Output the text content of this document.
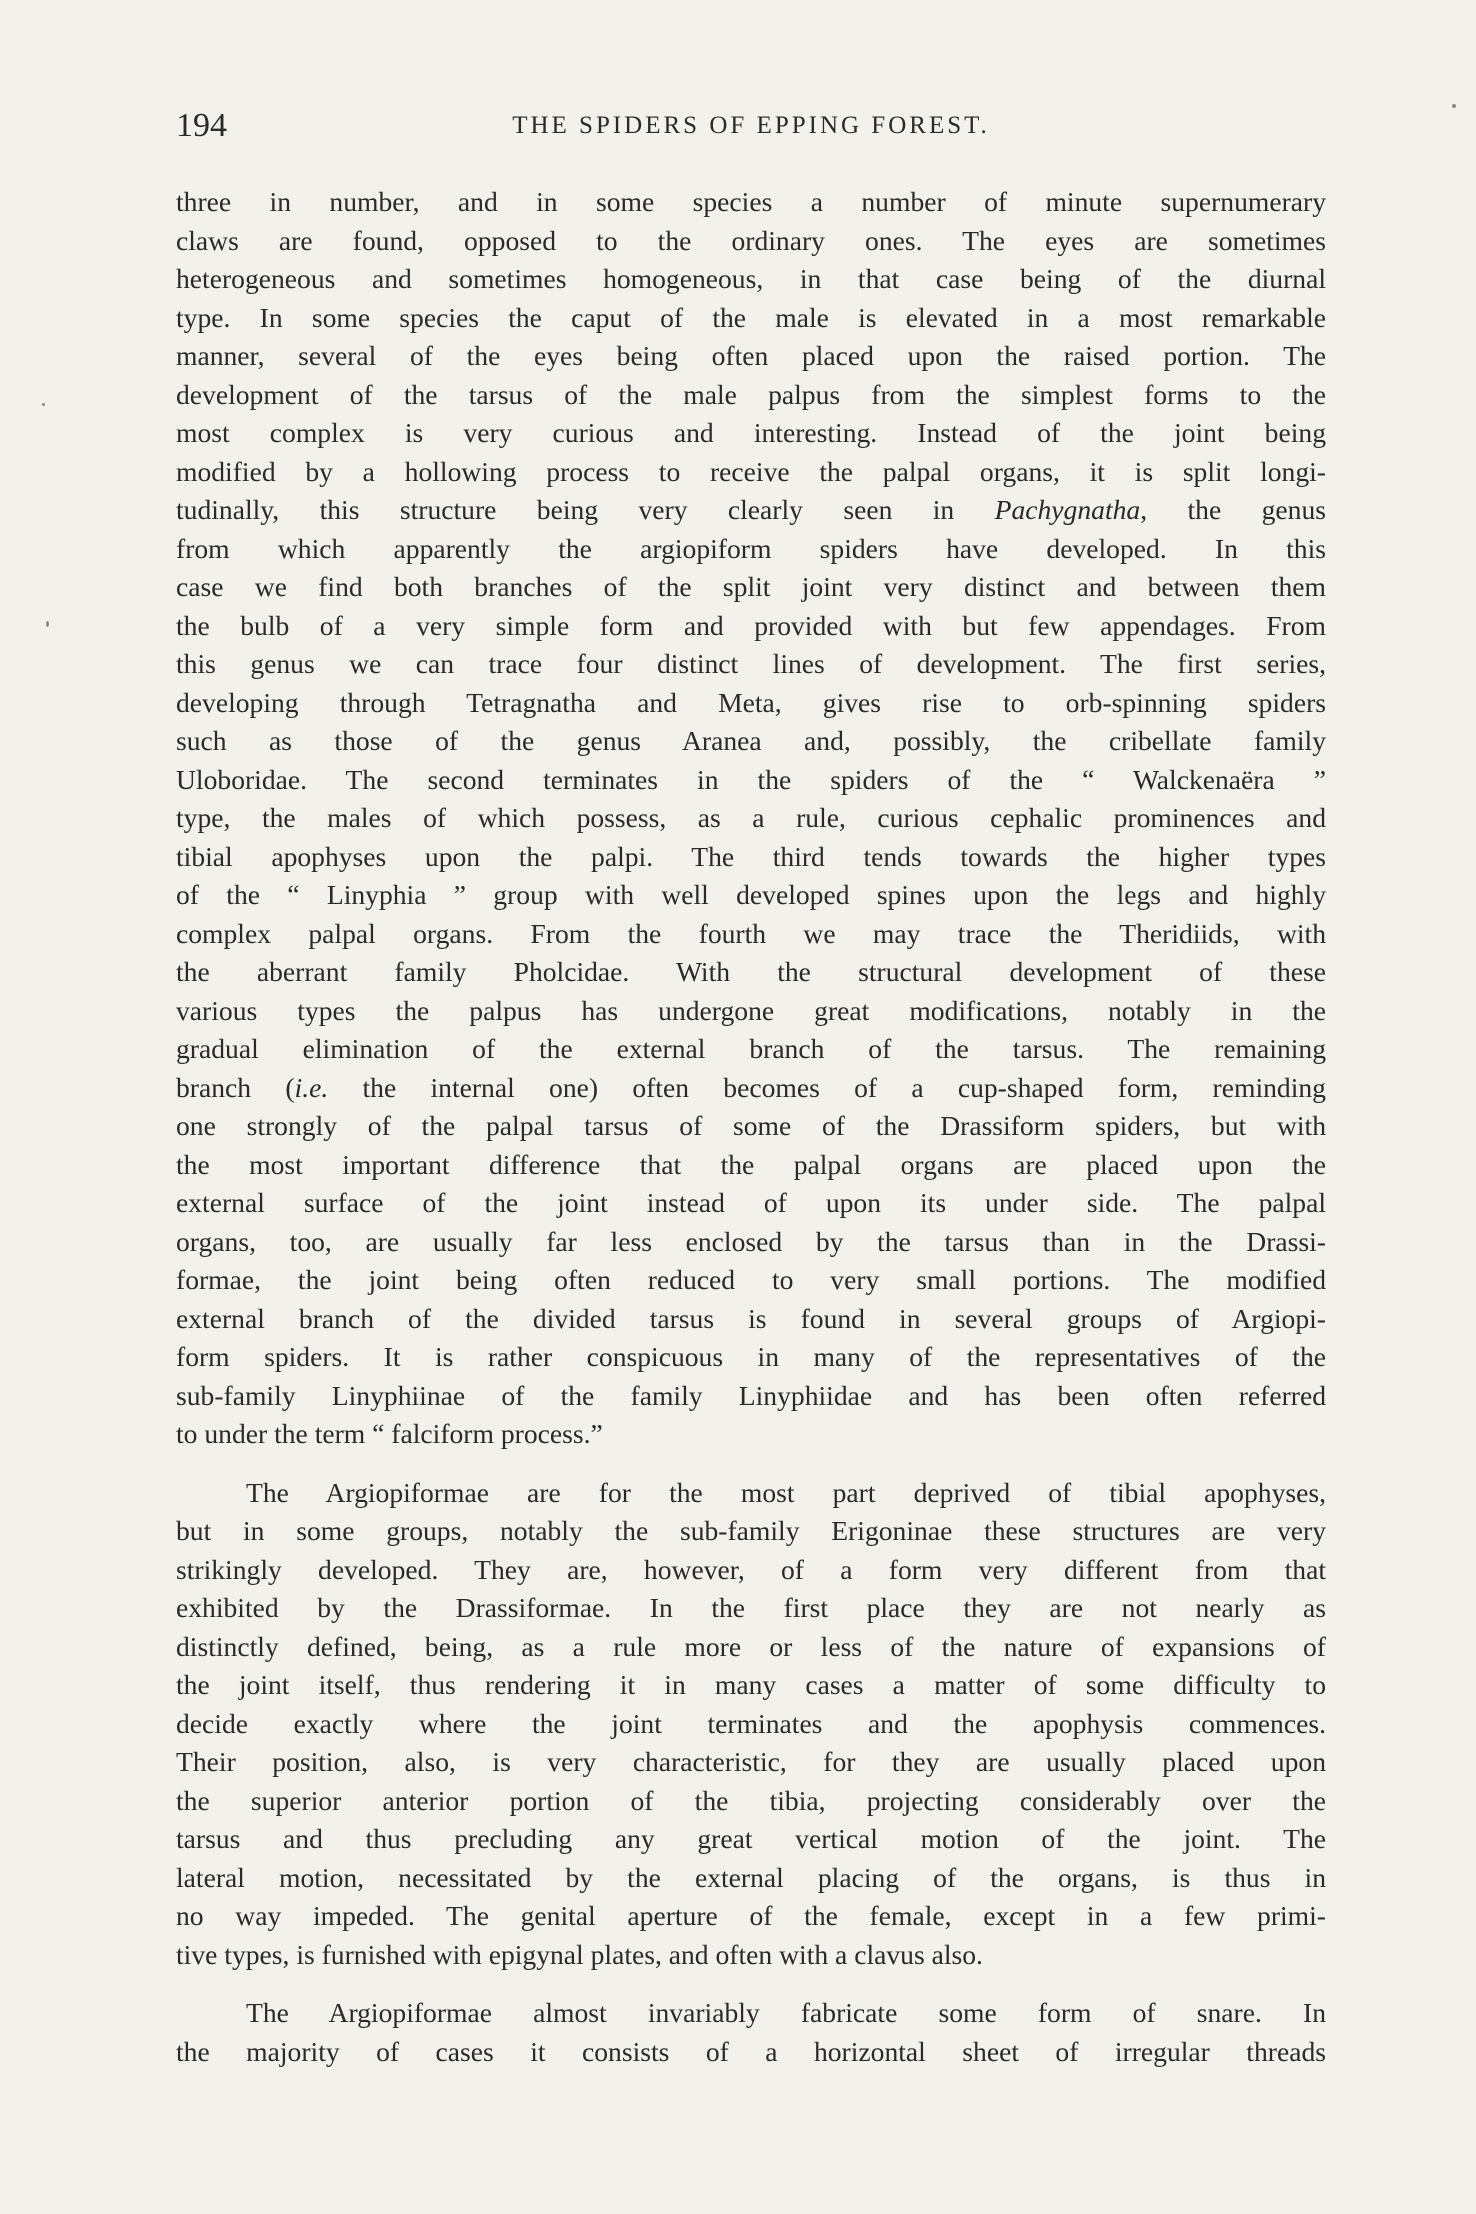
194	THE SPIDERS OF EPPING FOREST.

three in number, and in some species a number of minute supernumerary
claws are found, opposed to the ordinary ones. The eyes are sometimes
heterogeneous and sometimes homogeneous, in that case being of the diurnal
type. In some species the caput of the male is elevated in a most remarkable
manner, several of the eyes being often placed upon the raised portion. The
development of the tarsus of the male palpus from the simplest forms to the
most complex is very curious and interesting. Instead of the joint being
modified by a hollowing process to receive the palpal organs, it is split longi-
tudinally, this structure being very clearly seen in Pachygnatha, the genus
from which apparently the argiopiform spiders have developed. In this
case we find both branches of the split joint very distinct and between them
the bulb of a very simple form and provided with but few appendages. From
this genus we can trace four distinct lines of development. The first series,
developing through Tetragnatha and Meta, gives rise to orb-spinning spiders
such as those of the genus Aranea and, possibly, the cribellate family
Uloboridae. The second terminates in the spiders of the “ Walckenaëra ”
type, the males of which possess, as a rule, curious cephalic prominences and
tibial apophyses upon the palpi. The third tends towards the higher types
of the “ Linyphia ” group with well developed spines upon the legs and highly
complex palpal organs. From the fourth we may trace the Theridiids, with
the aberrant family Pholcidae. With the structural development of these
various types the palpus has undergone great modifications, notably in the
gradual elimination of the external branch of the tarsus. The remaining
branch (i.e. the internal one) often becomes of a cup-shaped form, reminding
one strongly of the palpal tarsus of some of the Drassiform spiders, but with
the most important difference that the palpal organs are placed upon the
external surface of the joint instead of upon its under side. The palpal
organs, too, are usually far less enclosed by the tarsus than in the Drassi-
formae, the joint being often reduced to very small portions. The modified
external branch of the divided tarsus is found in several groups of Argiopi-
form spiders. It is rather conspicuous in many of the representatives of the
sub-family Linyphiinae of the family Linyphiidae and has been often referred
to under the term “ falciform process.”

The Argiopiformae are for the most part deprived of tibial apophyses,
but in some groups, notably the sub-family Erigoninae these structures are very
strikingly developed. They are, however, of a form very different from that
exhibited by the Drassiformae. In the first place they are not nearly as
distinctly defined, being, as a rule more or less of the nature of expansions of
the joint itself, thus rendering it in many cases a matter of some difficulty to
decide exactly where the joint terminates and the apophysis commences.
Their position, also, is very characteristic, for they are usually placed upon
the superior anterior portion of the tibia, projecting considerably over the
tarsus and thus precluding any great vertical motion of the joint. The
lateral motion, necessitated by the external placing of the organs, is thus in
no way impeded. The genital aperture of the female, except in a few primi-
tive types, is furnished with epigynal plates, and often with a clavus also.

The Argiopiformae almost invariably fabricate some form of snare. In
the majority of cases it consists of a horizontal sheet of irregular threads
